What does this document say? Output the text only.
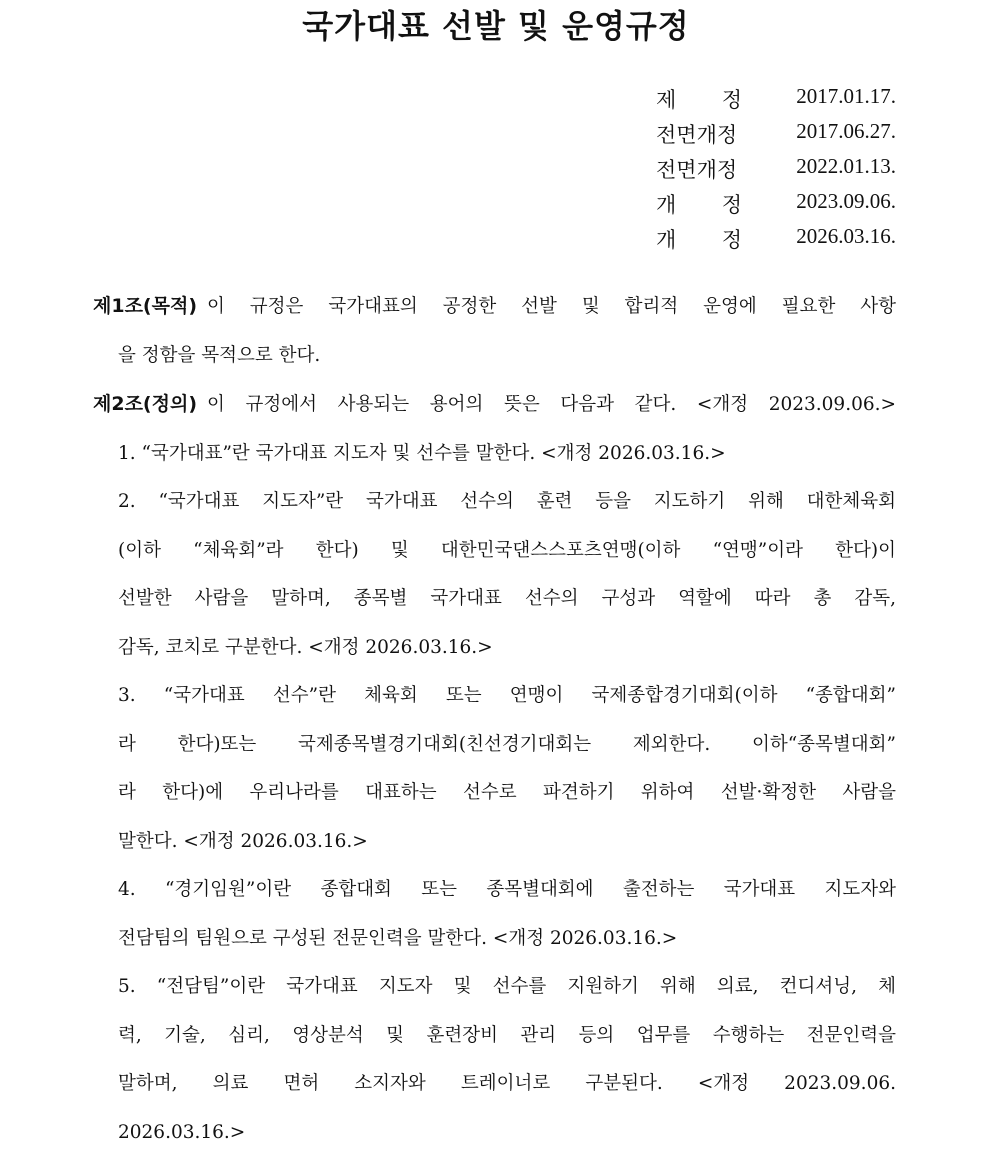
국가대표 선발 및 운영규정
제 정	2017.01.17.
전면개정	2017.06.27.
전면개정	2022.01.13.
개 정	2023.09.06.
개 정	2026.03.16.
제1조(목적) 이 규정은 국가대표의 공정한 선발 및 합리적 운영에 필요한 사항
을 정함을 목적으로 한다.
제2조(정의) 이 규정에서 사용되는 용어의 뜻은 다음과 같다. <개정 2023.09.06.>
1. “국가대표”란 국가대표 지도자 및 선수를 말한다. <개정 2026.03.16.>
2. “국가대표 지도자”란 국가대표 선수의 훈련 등을 지도하기 위해 대한체육회
(이하 “체육회”라 한다) 및 대한민국댄스스포츠연맹(이하 “연맹”이라 한다)이
선발한 사람을 말하며, 종목별 국가대표 선수의 구성과 역할에 따라 총 감독,
감독, 코치로 구분한다. <개정 2026.03.16.>
3. “국가대표 선수”란 체육회 또는 연맹이 국제종합경기대회(이하 “종합대회”
라 한다)또는 국제종목별경기대회(친선경기대회는 제외한다. 이하“종목별대회”
라 한다)에 우리나라를 대표하는 선수로 파견하기 위하여 선발·확정한 사람을
말한다. <개정 2026.03.16.>
4. “경기임원”이란 종합대회 또는 종목별대회에 출전하는 국가대표 지도자와
전담팀의 팀원으로 구성된 전문인력을 말한다. <개정 2026.03.16.>
5. “전담팀”이란 국가대표 지도자 및 선수를 지원하기 위해 의료, 컨디셔닝, 체
력, 기술, 심리, 영상분석 및 훈련장비 관리 등의 업무를 수행하는 전문인력을
말하며, 의료 면허 소지자와 트레이너로 구분된다. <개정 2023.09.06.
2026.03.16.>
